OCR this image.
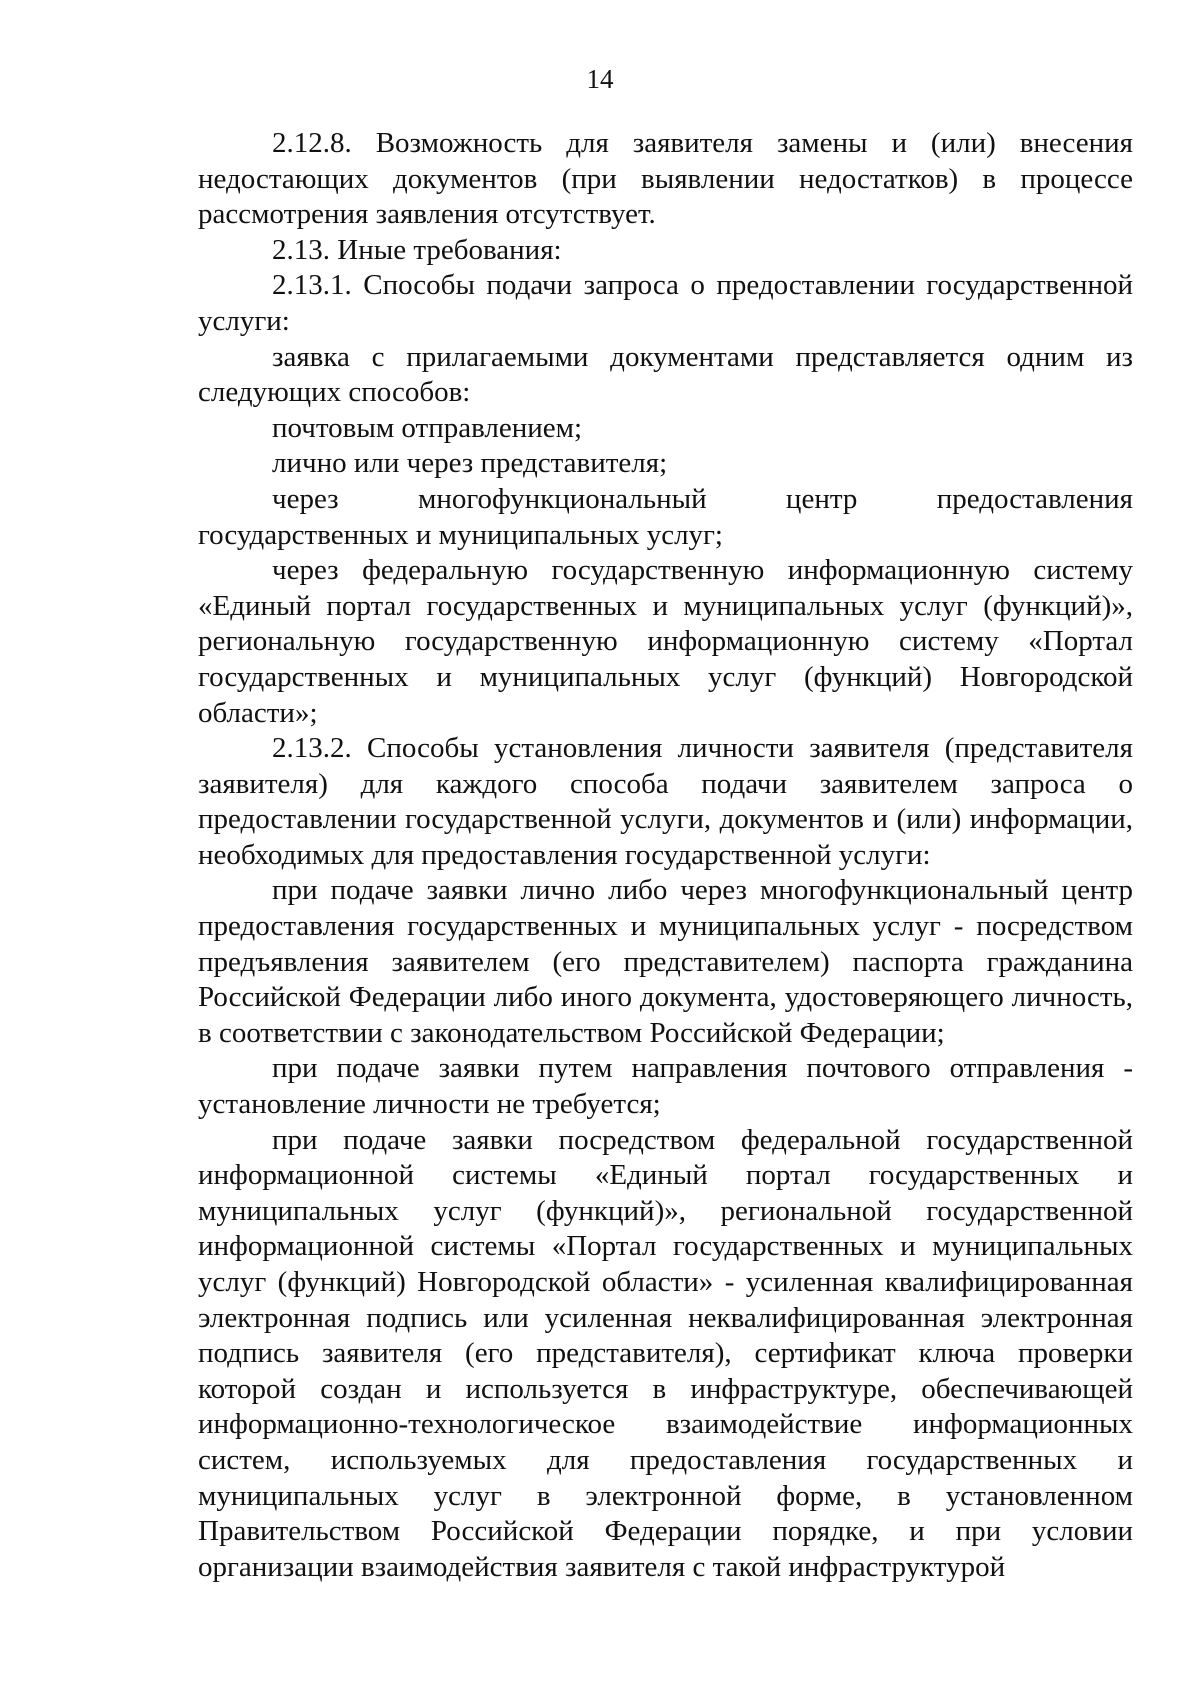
14

2.12.8. Возможность для заявителя замены и (или) внесения недостающих документов (при выявлении недостатков) в процессе рассмотрения заявления отсутствует.

2.13. Иные требования:

2.13.1. Способы подачи запроса о предоставлении государственной услуги:

заявка с прилагаемыми документами представляется одним из следующих способов:

почтовым отправлением;

лично или через представителя;

через многофункциональный центр предоставления государственных и муниципальных услуг;

через федеральную государственную информационную систему «Единый портал государственных и муниципальных услуг (функций)», региональную государственную информационную систему «Портал государственных и муниципальных услуг (функций) Новгородской области»;

2.13.2. Способы установления личности заявителя (представителя заявителя) для каждого способа подачи заявителем запроса о предоставлении государственной услуги, документов и (или) информации, необходимых для предоставления государственной услуги:

при подаче заявки лично либо через многофункциональный центр предоставления государственных и муниципальных услуг - посредством предъявления заявителем (его представителем) паспорта гражданина Российской Федерации либо иного документа, удостоверяющего личность, в соответствии с законодательством Российской Федерации;

при подаче заявки путем направления почтового отправления - установление личности не требуется;

при подаче заявки посредством федеральной государственной информационной системы «Единый портал государственных и муниципальных услуг (функций)», региональной государственной информационной системы «Портал государственных и муниципальных услуг (функций) Новгородской области» - усиленная квалифицированная электронная подпись или усиленная неквалифицированная электронная подпись заявителя (его представителя), сертификат ключа проверки которой создан и используется в инфраструктуре, обеспечивающей информационно-технологическое взаимодействие информационных систем, используемых для предоставления государственных и муниципальных услуг в электронной форме, в установленном Правительством Российской Федерации порядке, и при условии организации взаимодействия заявителя с такой инфраструктурой
